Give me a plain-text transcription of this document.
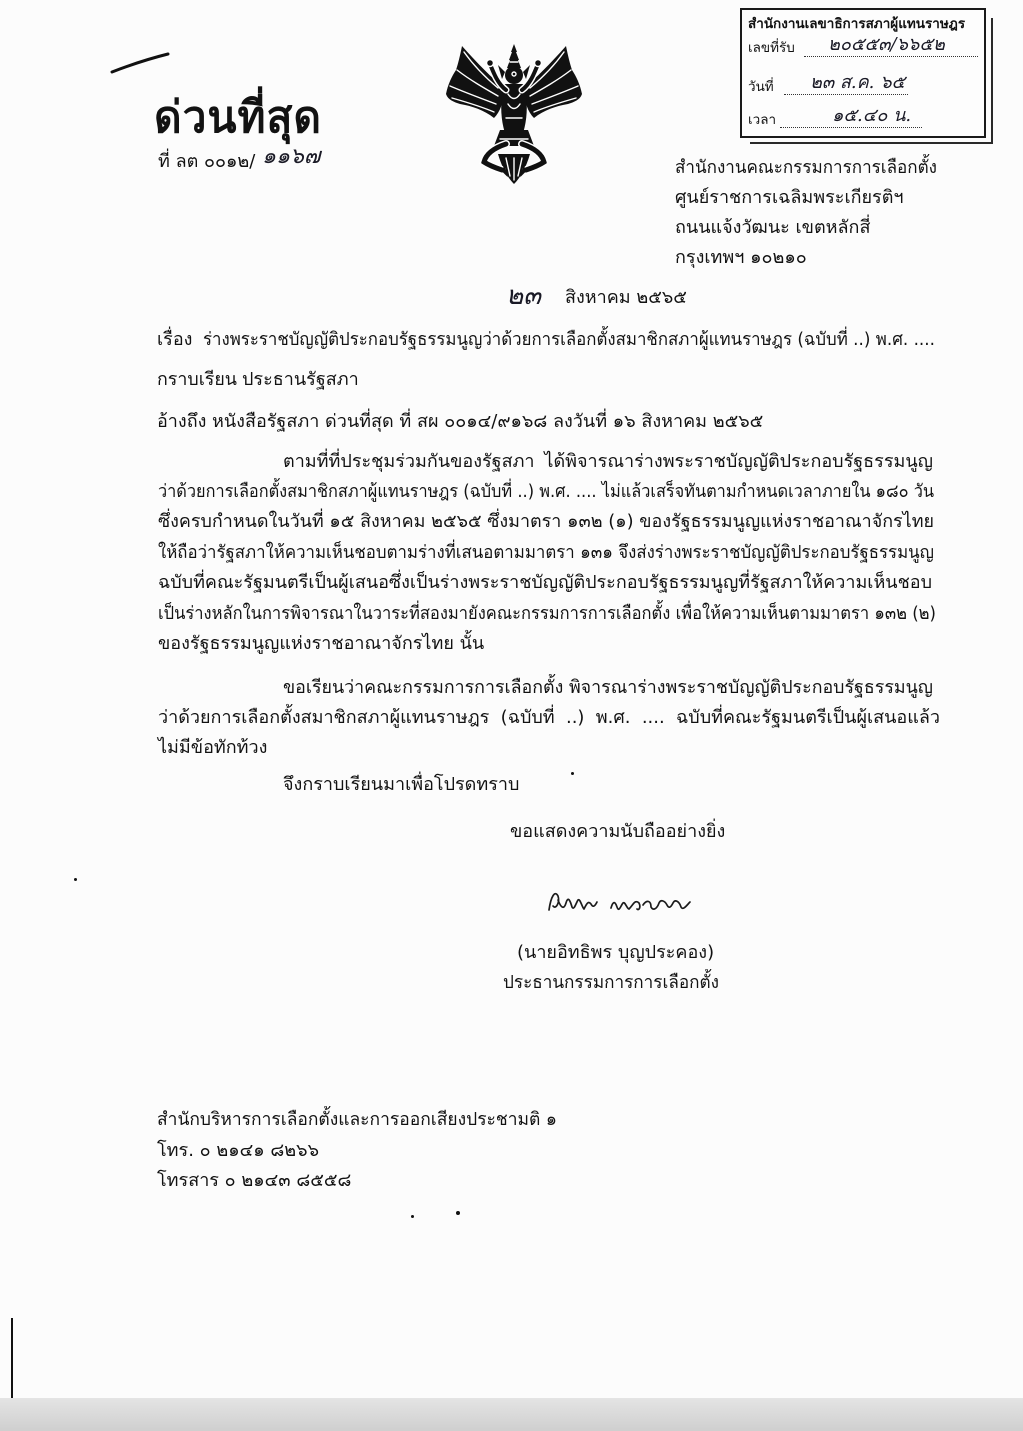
ด่วนที่สุด
ที่ ลต ๐๐๑๒/ ๑๑๖๗
สำนักงานเลขาธิการสภาผู้แทนราษฎร
เลขที่รับ	๒๐๕๕๓/๖๖๕๒
วันที่	๒๓ ส.ค. ๖๕
เวลา	๑๕.๔๐ น.
สำนักงานคณะกรรมการการเลือกตั้ง
ศูนย์ราชการเฉลิมพระเกียรติฯ
ถนนแจ้งวัฒนะ เขตหลักสี่
กรุงเทพฯ ๑๐๒๑๐
๒๓	สิงหาคม ๒๕๖๕
เรื่อง ร่างพระราชบัญญัติประกอบรัฐธรรมนูญว่าด้วยการเลือกตั้งสมาชิกสภาผู้แทนราษฎร (ฉบับที่ ..) พ.ศ. ....
กราบเรียน ประธานรัฐสภา
อ้างถึง หนังสือรัฐสภา ด่วนที่สุด ที่ สผ ๐๐๑๔/๙๑๖๘ ลงวันที่ ๑๖ สิงหาคม ๒๕๖๕
ตามที่ที่ประชุมร่วมกันของรัฐสภา ได้พิจารณาร่างพระราชบัญญัติประกอบรัฐธรรมนูญ
ว่าด้วยการเลือกตั้งสมาชิกสภาผู้แทนราษฎร (ฉบับที่ ..) พ.ศ. .... ไม่แล้วเสร็จทันตามกำหนดเวลาภายใน ๑๘๐ วัน
ซึ่งครบกำหนดในวันที่ ๑๕ สิงหาคม ๒๕๖๕ ซึ่งมาตรา ๑๓๒ (๑) ของรัฐธรรมนูญแห่งราชอาณาจักรไทย
ให้ถือว่ารัฐสภาให้ความเห็นชอบตามร่างที่เสนอตามมาตรา ๑๓๑ จึงส่งร่างพระราชบัญญัติประกอบรัฐธรรมนูญ
ฉบับที่คณะรัฐมนตรีเป็นผู้เสนอซึ่งเป็นร่างพระราชบัญญัติประกอบรัฐธรรมนูญที่รัฐสภาให้ความเห็นชอบ
เป็นร่างหลักในการพิจารณาในวาระที่สองมายังคณะกรรมการการเลือกตั้ง เพื่อให้ความเห็นตามมาตรา ๑๓๒ (๒)
ของรัฐธรรมนูญแห่งราชอาณาจักรไทย นั้น
ขอเรียนว่าคณะกรรมการการเลือกตั้ง พิจารณาร่างพระราชบัญญัติประกอบรัฐธรรมนูญ
ว่าด้วยการเลือกตั้งสมาชิกสภาผู้แทนราษฎร (ฉบับที่ ..) พ.ศ. .... ฉบับที่คณะรัฐมนตรีเป็นผู้เสนอแล้ว
ไม่มีข้อทักท้วง
จึงกราบเรียนมาเพื่อโปรดทราบ
ขอแสดงความนับถืออย่างยิ่ง
(นายอิทธิพร บุญประคอง)
ประธานกรรมการการเลือกตั้ง
สำนักบริหารการเลือกตั้งและการออกเสียงประชามติ ๑
โทร. ๐ ๒๑๔๑ ๘๒๖๖
โทรสาร ๐ ๒๑๔๓ ๘๕๕๘
